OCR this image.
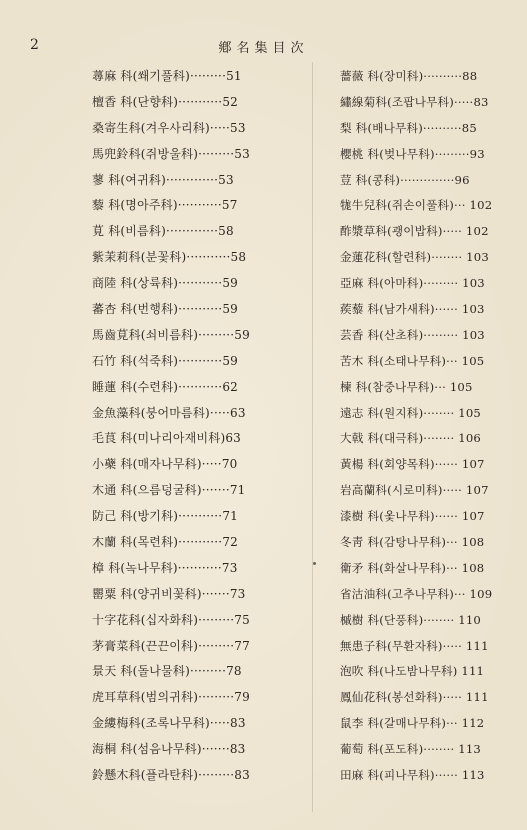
2	鄕名集目次
蕁麻 科(쐐기풀科)·········51
檀香 科(단향科)···········52
桑寄生科(겨우사리科)·····53
馬兜鈴科(쥐방울科)·········53
蓼 科(여귀科)·············53
藜 科(명아주科)···········57
莧 科(비름科)·············58
紫茉莉科(분꽃科)···········58
商陸 科(상륙科)···········59
蕃杏 科(번행科)···········59
馬齒莧科(쇠비름科)·········59
石竹 科(석죽科)···········59
睡蓮 科(수련科)···········62
金魚藻科(붕어마름科)·····63
毛茛 科(미나리아재비科)63
小蘗 科(매자나무科)·····70
木通 科(으름덩굴科)·······71
防己 科(방기科)···········71
木蘭 科(목련科)···········72
樟 科(녹나무科)···········73
罌粟 科(양귀비꽃科)·······73
十字花科(십자화科)·········75
茅膏菜科(끈끈이科)·········77
景天 科(돌나물科)·········78
虎耳草科(범의귀科)·········79
金縷梅科(조록나무科)·····83
海桐 科(섬음나무科)·······83
鈴懸木科(플라탄科)·········83
薔薇 科(장미科)··········88
繡線菊科(조팝나무科)·····83
梨 科(배나무科)··········85
櫻桃 科(벚나무科)·········93
荳 科(콩科)··············96
牻牛兒科(쥐손이풀科)··· 102
酢漿草科(괭이밥科)····· 102
金蓮花科(할련科)········ 103
亞麻 科(아마科)········· 103
蒺藜 科(남가새科)······ 103
芸香 科(산초科)········· 103
苦木 科(소태나무科)··· 105
楝 科(참중나무科)··· 105
遠志 科(원지科)········ 105
大戟 科(대극科)········ 106
黃楊 科(회양목科)······ 107
岩高蘭科(시로미科)····· 107
漆樹 科(옻나무科)······ 107
冬靑 科(감탕나무科)··· 108
衛矛 科(화살나무科)··· 108
省沽油科(고추나무科)··· 109
槭樹 科(단풍科)········ 110
無患子科(무환자科)····· 111
泡吹 科(나도밤나무科) 111
鳳仙花科(봉선화科)····· 111
鼠李 科(갈매나무科)··· 112
葡萄 科(포도科)········ 113
田麻 科(피나무科)······ 113
